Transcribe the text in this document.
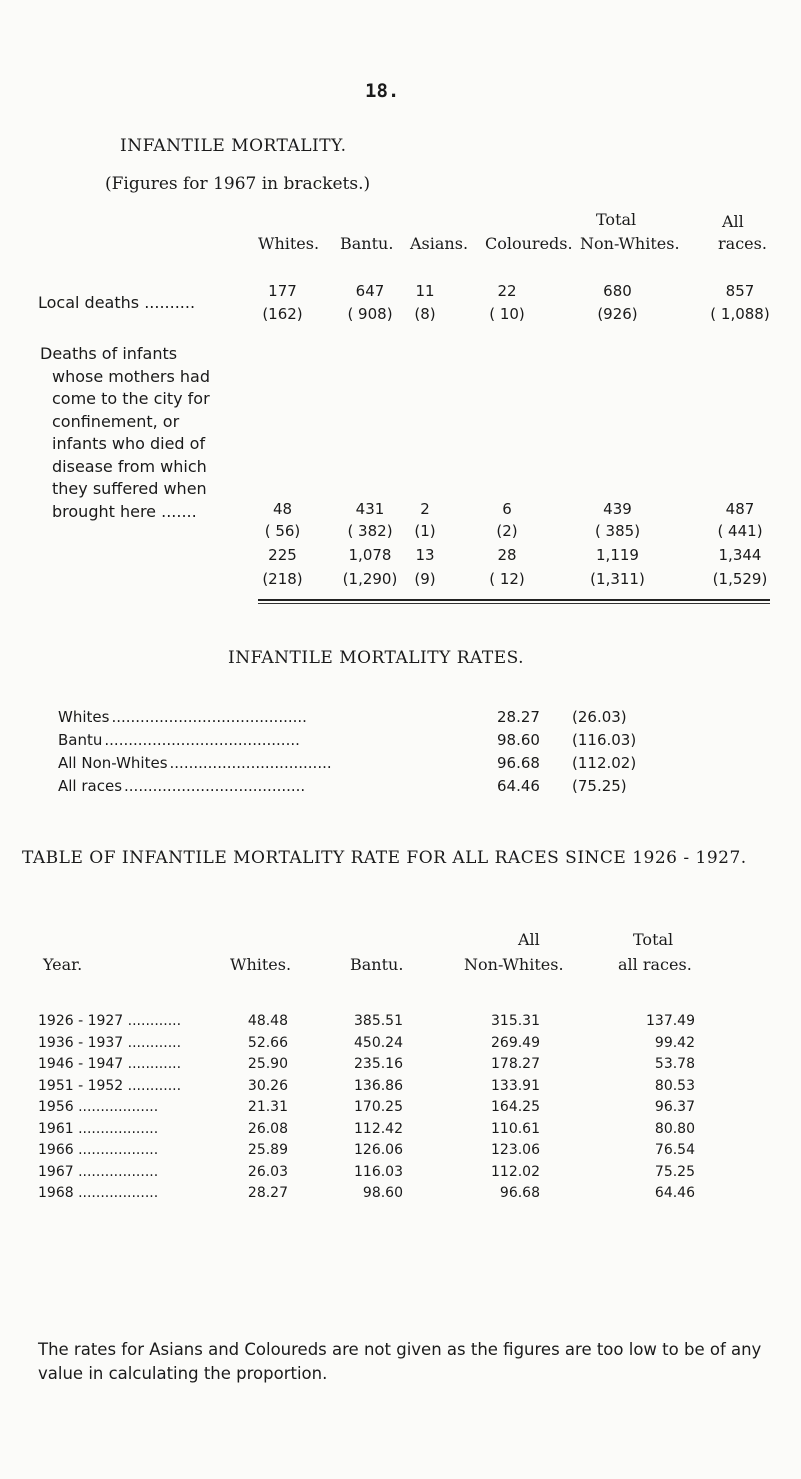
18.
INFANTILE MORTALITY.
(Figures for 1967 in brackets.)
Total	All
Whites. Bantu. Asians. Coloureds. Non-Whites. races.
Local deaths ..........
177	647	11	22	680	857
(162)	( 908)	(8)	( 10)	(926)	( 1,088)
Deaths of infants
whose mothers had
come to the city for
confinement, or
infants who died of
disease from which
they suffered when
brought here .......	48	431	2	6	439	487
( 56)	( 382)	(1)	(2)	( 385)	( 441)
225	1,078	13	28	1,119	1,344
(218)	(1,290)	(9)	( 12)	(1,311)	(1,529)
INFANTILE MORTALITY RATES.
Whites .........................................	28.27 (26.03)
Bantu .........................................	98.60 (116.03)
All Non-Whites ..................................	96.68 (112.02)
All races ......................................	64.46 (75.25)
TABLE OF INFANTILE MORTALITY RATE FOR ALL RACES SINCE 1926 - 1927.
Total
All
Year.	Whites.	Bantu.	Non-Whites.	all races.
1926 - 1927 ............	48.48	385.51	315.31	137.49
1936 - 1937 ............	52.66	450.24	269.49	99.42
1946 - 1947 ............	25.90	235.16	178.27	53.78
1951 - 1952 ............	30.26	136.86	133.91	80.53
1956 ..................	21.31	170.25	164.25	96.37
1961 ..................	26.08	112.42	110.61	80.80
1966 ..................	25.89	126.06	123.06	76.54
1967 ..................	26.03	116.03	112.02	75.25
1968 ..................	28.27	98.60	96.68	64.46
The rates for Asians and Coloureds are not given as the figures are too low to be of any value in calculating the proportion.
